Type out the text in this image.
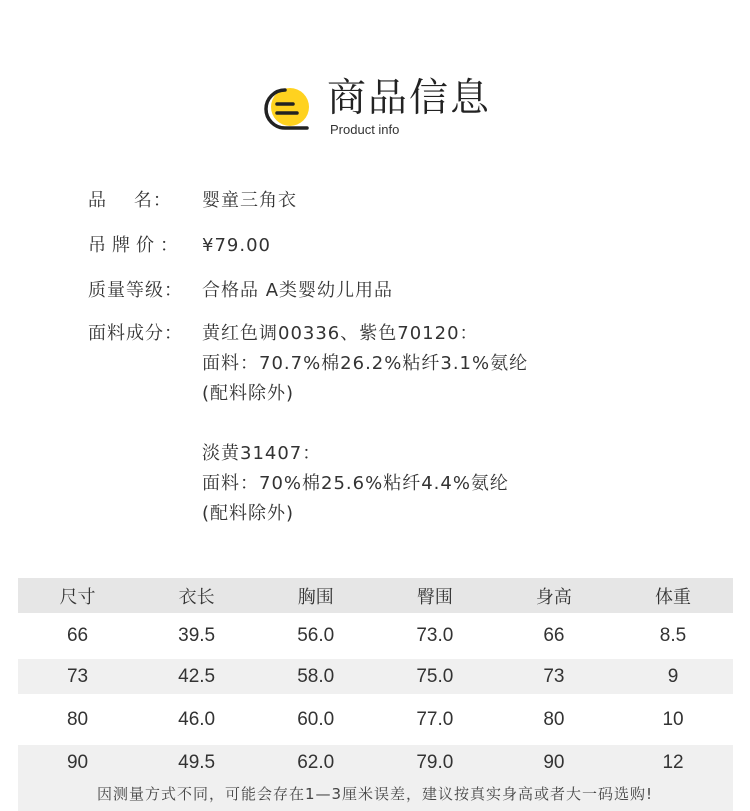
商品信息
Product info
品    名：	婴童三角衣
吊牌价：	¥79.00
质量等级：	合格品 A类婴幼儿用品
面料成分：	黄红色调00336、紫色70120：
面料：70.7%棉26.2%粘纤3.1%氨纶
(配料除外)
淡黄31407：
面料：70%棉25.6%粘纤4.4%氨纶
(配料除外)
尺寸	衣长	胸围	臀围	身高	体重
66	39.5	56.0	73.0	66	8.5
73	42.5	58.0	75.0	73	9
80	46.0	60.0	77.0	80	10
90	49.5	62.0	79.0	90	12
因测量方式不同，可能会存在1—3厘米误差，建议按真实身高或者大一码选购!
